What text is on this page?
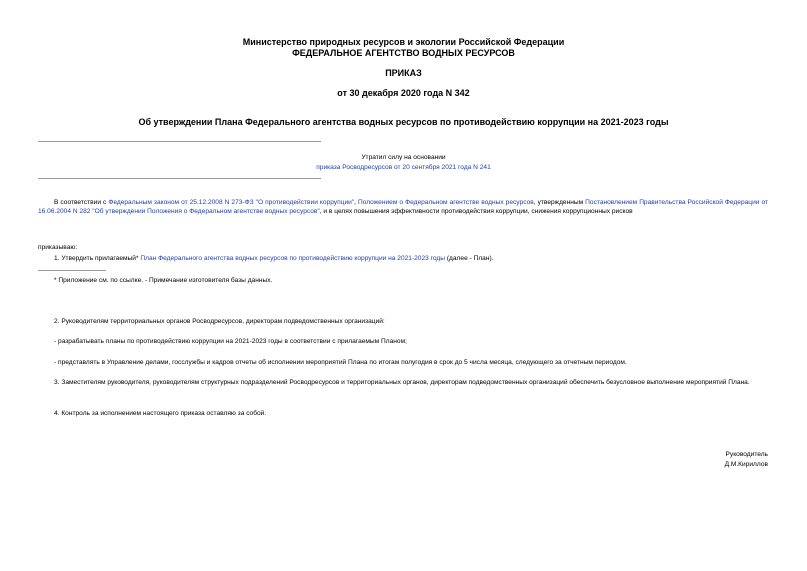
Министерство природных ресурсов и экологии Российской Федерации
ФЕДЕРАЛЬНОЕ АГЕНТСТВО ВОДНЫХ РЕСУРСОВ
ПРИКАЗ
от 30 декабря 2020 года N 342
Об утверждении Плана Федерального агентства водных ресурсов по противодействию коррупции на 2021-2023 годы
Утратил силу на основании
приказа Росводресурсов от 20 сентября 2021 года N 241
В соответствии с Федеральным законом от 25.12.2008 N 273-ФЗ "О противодействии коррупции", Положением о Федеральном агентстве водных ресурсов, утвержденным Постановлением Правительства Российской Федерации от 16.06.2004 N 282 "Об утверждении Положения о Федеральном агентстве водных ресурсов", и в целях повышения эффективности противодействия коррупции, снижения коррупционных рисков
приказываю:
1. Утвердить прилагаемый* План Федерального агентства водных ресурсов по противодействию коррупции на 2021-2023 годы (далее - План).
* Приложение см. по ссылке. - Примечание изготовителя базы данных.
2. Руководителям территориальных органов Росводресурсов, директорам подведомственных организаций:
- разрабатывать планы по противодействию коррупции на 2021-2023 годы в соответствии с прилагаемым Планом;
- представлять в Управление делами, госслужбы и кадров отчеты об исполнении мероприятий Плана по итогам полугодия в срок до 5 числа месяца, следующего за отчетным периодом.
3. Заместителям руководителя, руководителям структурных подразделений Росводресурсов и территориальных органов, директорам подведомственных организаций обеспечить безусловное выполнение мероприятий Плана.
4. Контроль за исполнением настоящего приказа оставляю за собой.
Руководитель
Д.М.Кириллов
